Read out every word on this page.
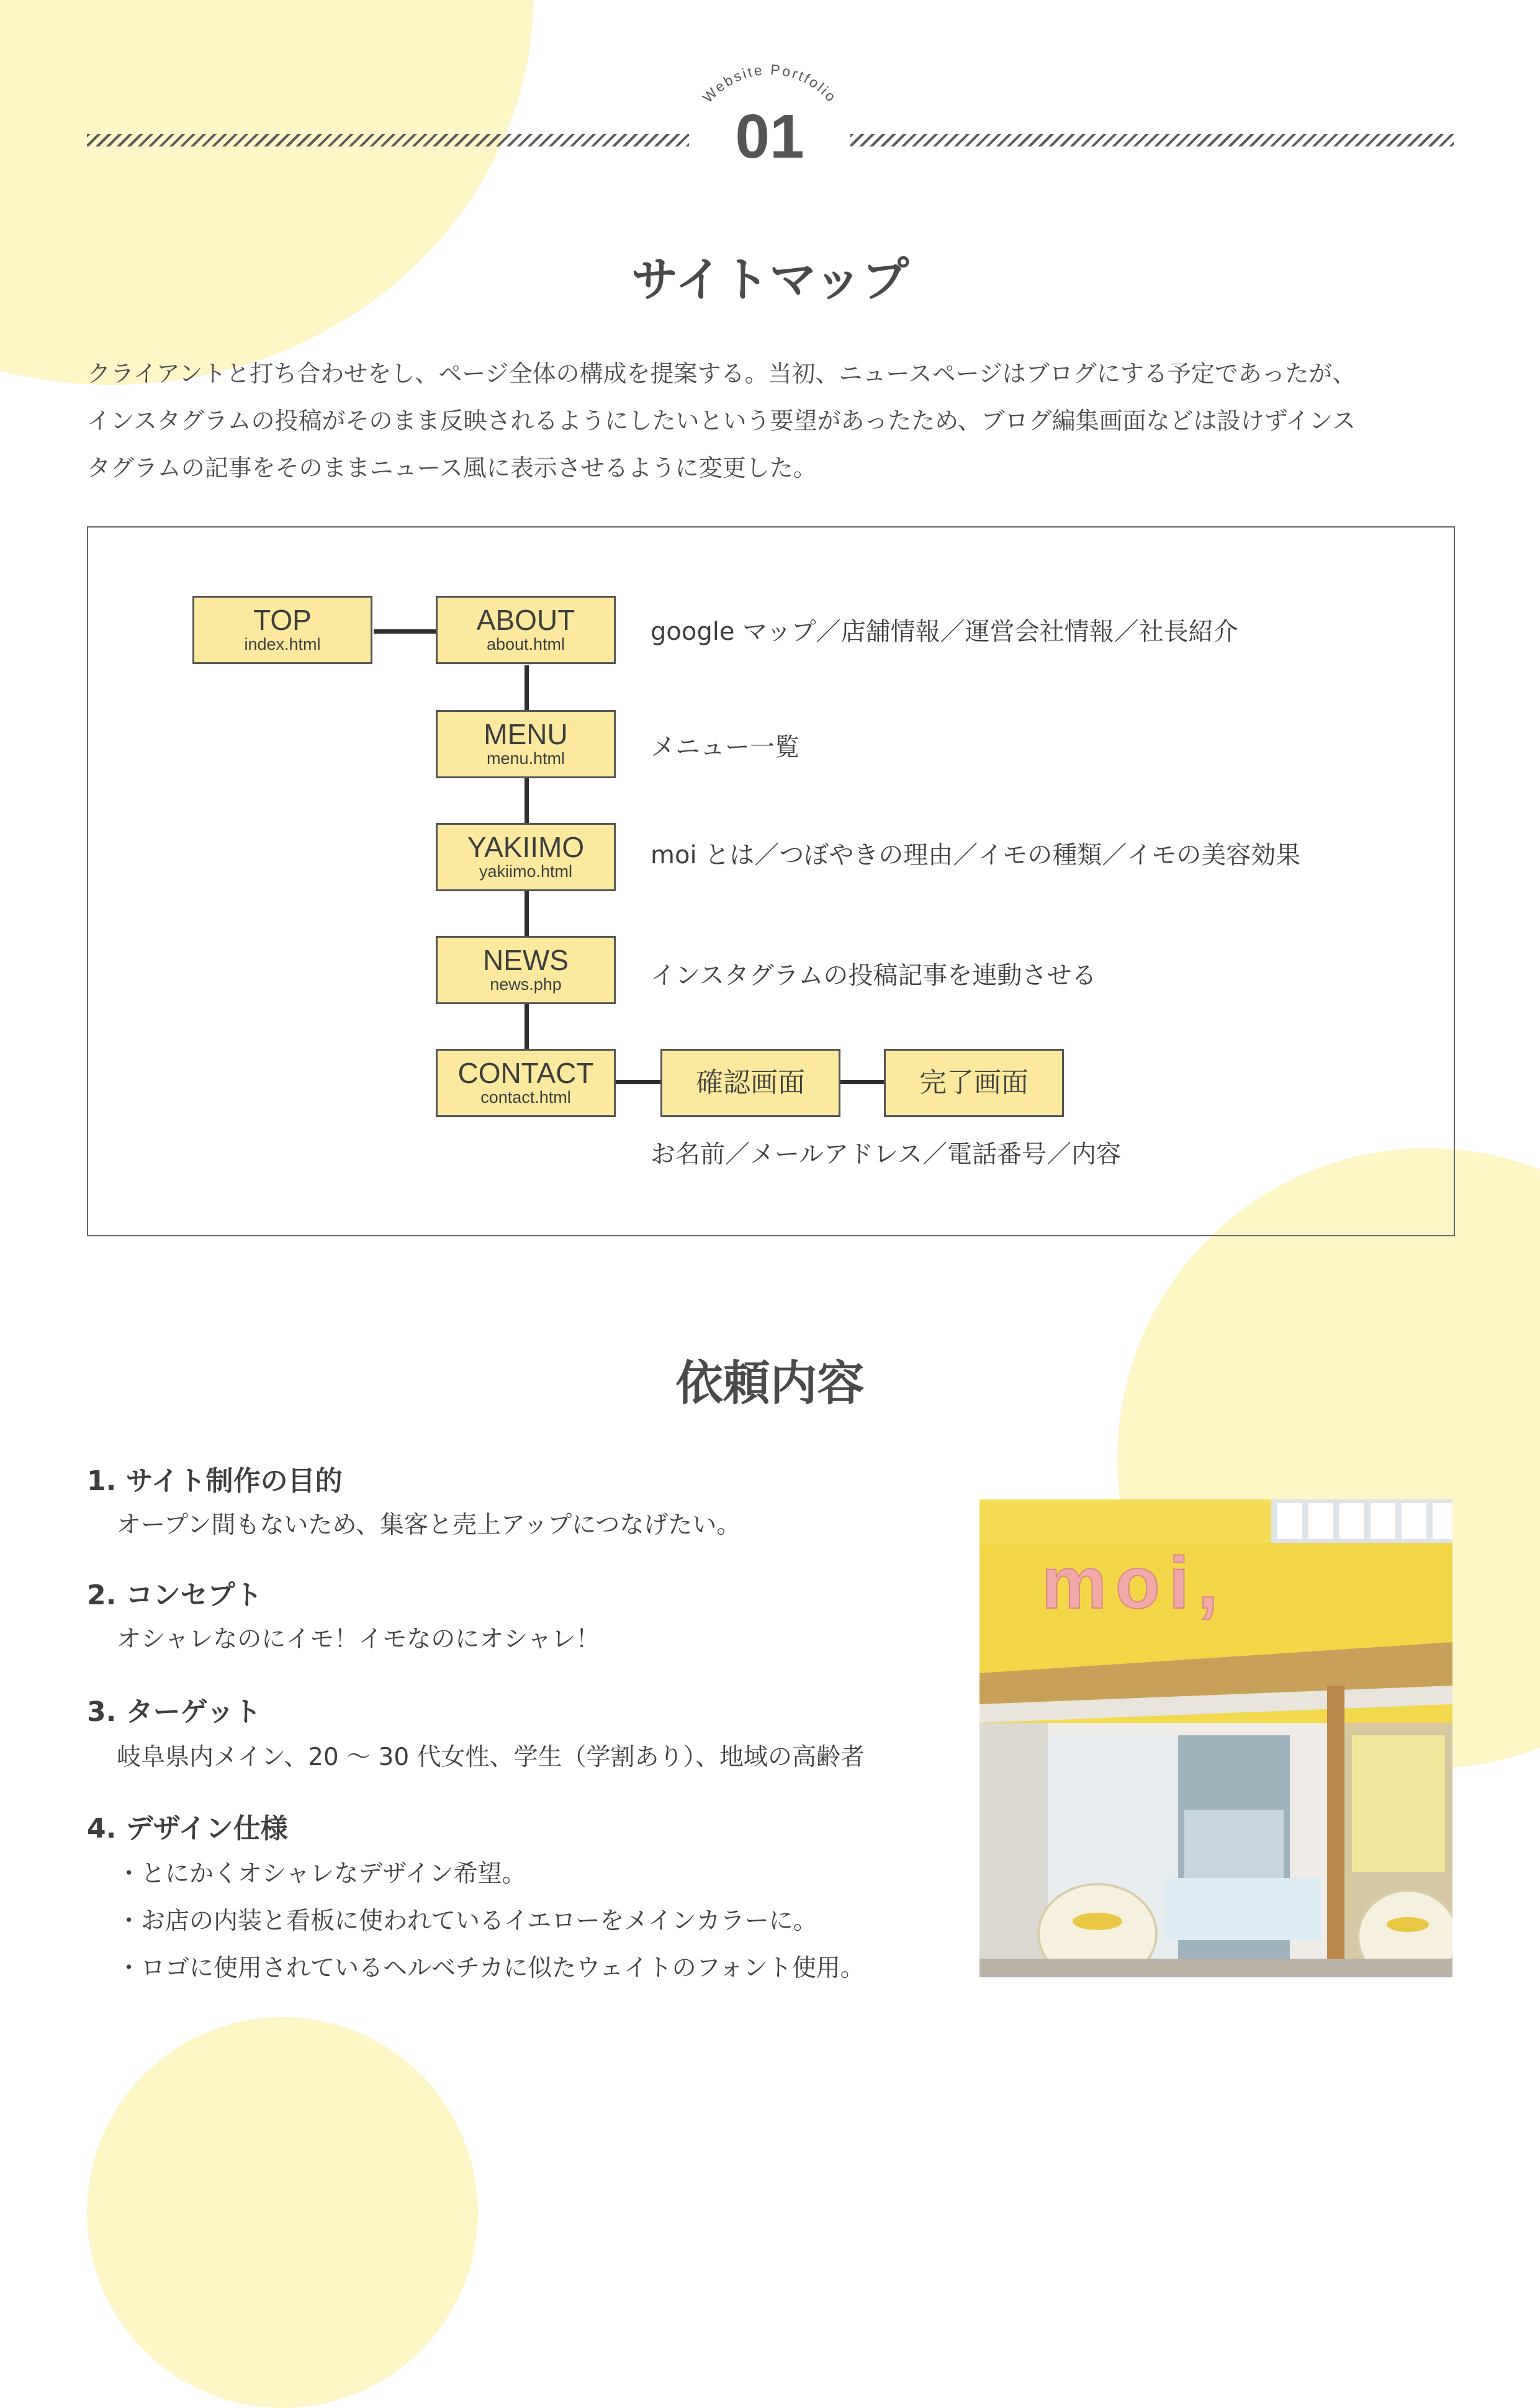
Website Portfolio
01
サイトマップ
クライアントと打ち合わせをし、ページ全体の構成を提案する。当初、ニュースページはブログにする予定であったが、
インスタグラムの投稿がそのまま反映されるようにしたいという要望があったため、ブログ編集画面などは設けずインス
タグラムの記事をそのままニュース風に表示させるように変更した。
TOP
index.html
ABOUT
about.html
MENU
menu.html
YAKIIMO
yakiimo.html
NEWS
news.php
CONTACT
contact.html	確認画面	完了画面
google マップ／店舗情報／運営会社情報／社長紹介
メニュー一覧
moi とは／つぼやきの理由／イモの種類／イモの美容効果
インスタグラムの投稿記事を連動させる
お名前／メールアドレス／電話番号／内容
依頼内容
1. サイト制作の目的
オープン間もないため、集客と売上アップにつなげたい。
2. コンセプト
オシャレなのにイモ！イモなのにオシャレ！
3. ターゲット
岐阜県内メイン、20 〜 30 代女性、学生（学割あり）、地域の高齢者
4. デザイン仕様
・とにかくオシャレなデザイン希望。
・お店の内装と看板に使われているイエローをメインカラーに。
・ロゴに使用されているヘルベチカに似たウェイトのフォント使用。
moi,
